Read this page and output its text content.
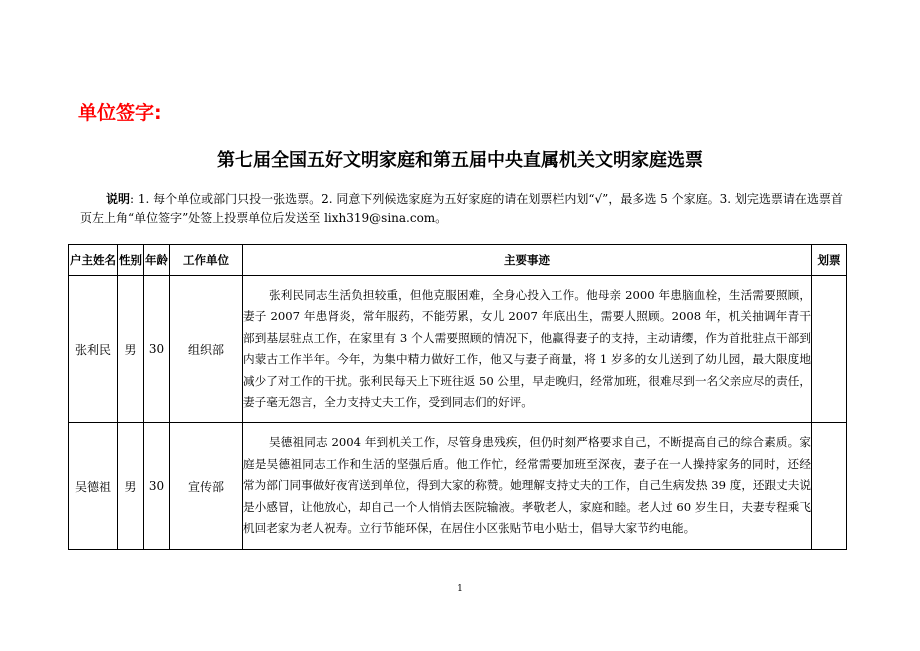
单位签字:
第七届全国五好文明家庭和第五届中央直属机关文明家庭选票
说明: 1. 每个单位或部门只投一张选票。2. 同意下列候选家庭为五好家庭的请在划票栏内划“√”，最多选 5 个家庭。3. 划完选票请在选票首页左上角“单位签字”处签上投票单位后发送至 lixh319@sina.com。
户主姓名	性别	年龄	工作单位	主要事迹	划票
张利民	男	30	组织部	张利民同志生活负担较重，但他克服困难，全身心投入工作。他母亲 2000 年患脑血栓，生活需要照顾，妻子 2007 年患肾炎，常年服药，不能劳累，女儿 2007 年底出生，需要人照顾。2008 年，机关抽调年青干部到基层驻点工作，在家里有 3 个人需要照顾的情况下，他赢得妻子的支持，主动请缨，作为首批驻点干部到内蒙古工作半年。今年，为集中精力做好工作，他又与妻子商量，将 1 岁多的女儿送到了幼儿园，最大限度地减少了对工作的干扰。张利民每天上下班往返 50 公里，早走晚归，经常加班，很难尽到一名父亲应尽的责任，妻子毫无怨言，全力支持丈夫工作，受到同志们的好评。	
吴德祖	男	30	宣传部	吴德祖同志 2004 年到机关工作，尽管身患残疾，但仍时刻严格要求自己，不断提高自己的综合素质。家庭是吴德祖同志工作和生活的坚强后盾。他工作忙，经常需要加班至深夜，妻子在一人操持家务的同时，还经常为部门同事做好夜宵送到单位，得到大家的称赞。她理解支持丈夫的工作，自己生病发热 39 度，还跟丈夫说是小感冒，让他放心，却自己一个人悄悄去医院输液。孝敬老人，家庭和睦。老人过 60 岁生日，夫妻专程乘飞机回老家为老人祝寿。立行节能环保，在居住小区张贴节电小贴士，倡导大家节约电能。	
1
